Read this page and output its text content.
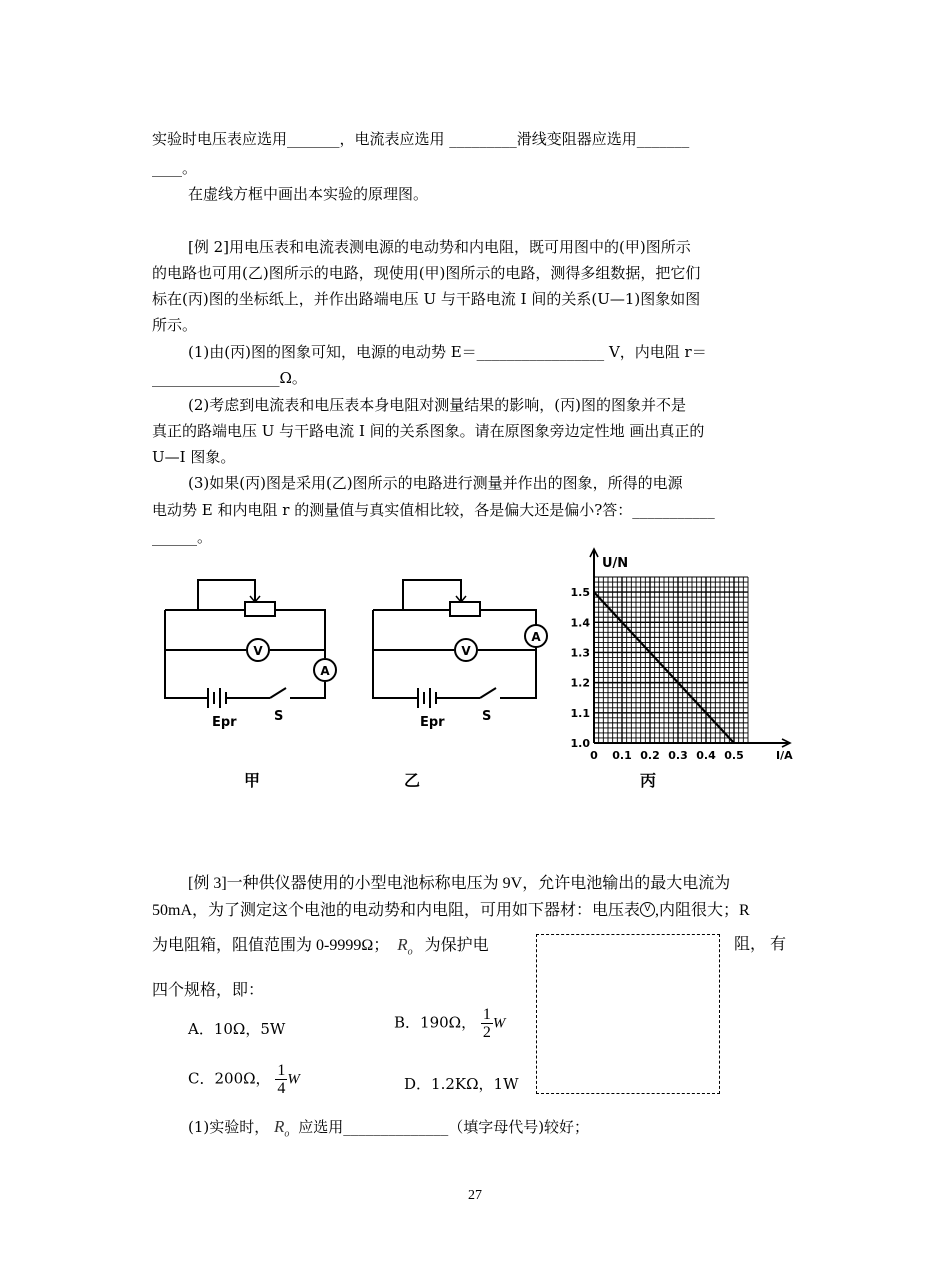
实验时电压表应选用_______，电流表应选用 _________滑线变阻器应选用_______
____。
在虚线方框中画出本实验的原理图。
[例 2]用电压表和电流表测电源的电动势和内电阻，既可用图中的(甲)图所示
的电路也可用(乙)图所示的电路，现使用(甲)图所示的电路，测得多组数据，把它们
标在(丙)图的坐标纸上，并作出路端电压 U 与干路电流 I 间的关系(U—1)图象如图
所示。
(1)由(丙)图的图象可知，电源的电动势 E＝_________________ V，内电阻 r＝
_________________Ω。
(2)考虑到电流表和电压表本身电阻对测量结果的影响，(丙)图的图象并不是
真正的路端电压 U 与干路电流 I 间的关系图象。请在原图象旁边定性地 画出真正的
U—I 图象。
(3)如果(丙)图是采用(乙)图所示的电路进行测量并作出的图象，所得的电源
电动势 E 和内电阻 r 的测量值与真实值相比较，各是偏大还是偏小?答：___________
______。
V
A
Epr	S
甲
V
A
Epr	S
乙
U/N
I/A
0 0.1 0.2 0.3 0.4 0.5
1.0
1.1
1.2
1.3
1.4
1.5
丙
[例 3]一种供仪器使用的小型电池标称电压为 9V，允许电池输出的最大电流为
50mA，为了测定这个电池的电动势和内电阻，可用如下器材：电压表 V ,内阻很大；R
为电阻箱，阻值范围为 0-9999Ω； $R_o$ 为保护电	阻， 有
四个规格，即：
A．10Ω，5W	B．190Ω， $\frac{1}{2}$ W
C．200Ω， $\frac{1}{4}$ W	D．1.2KΩ，1W
(1)实验时， $R_o$ 应选用______________（填字母代号)较好；
27
